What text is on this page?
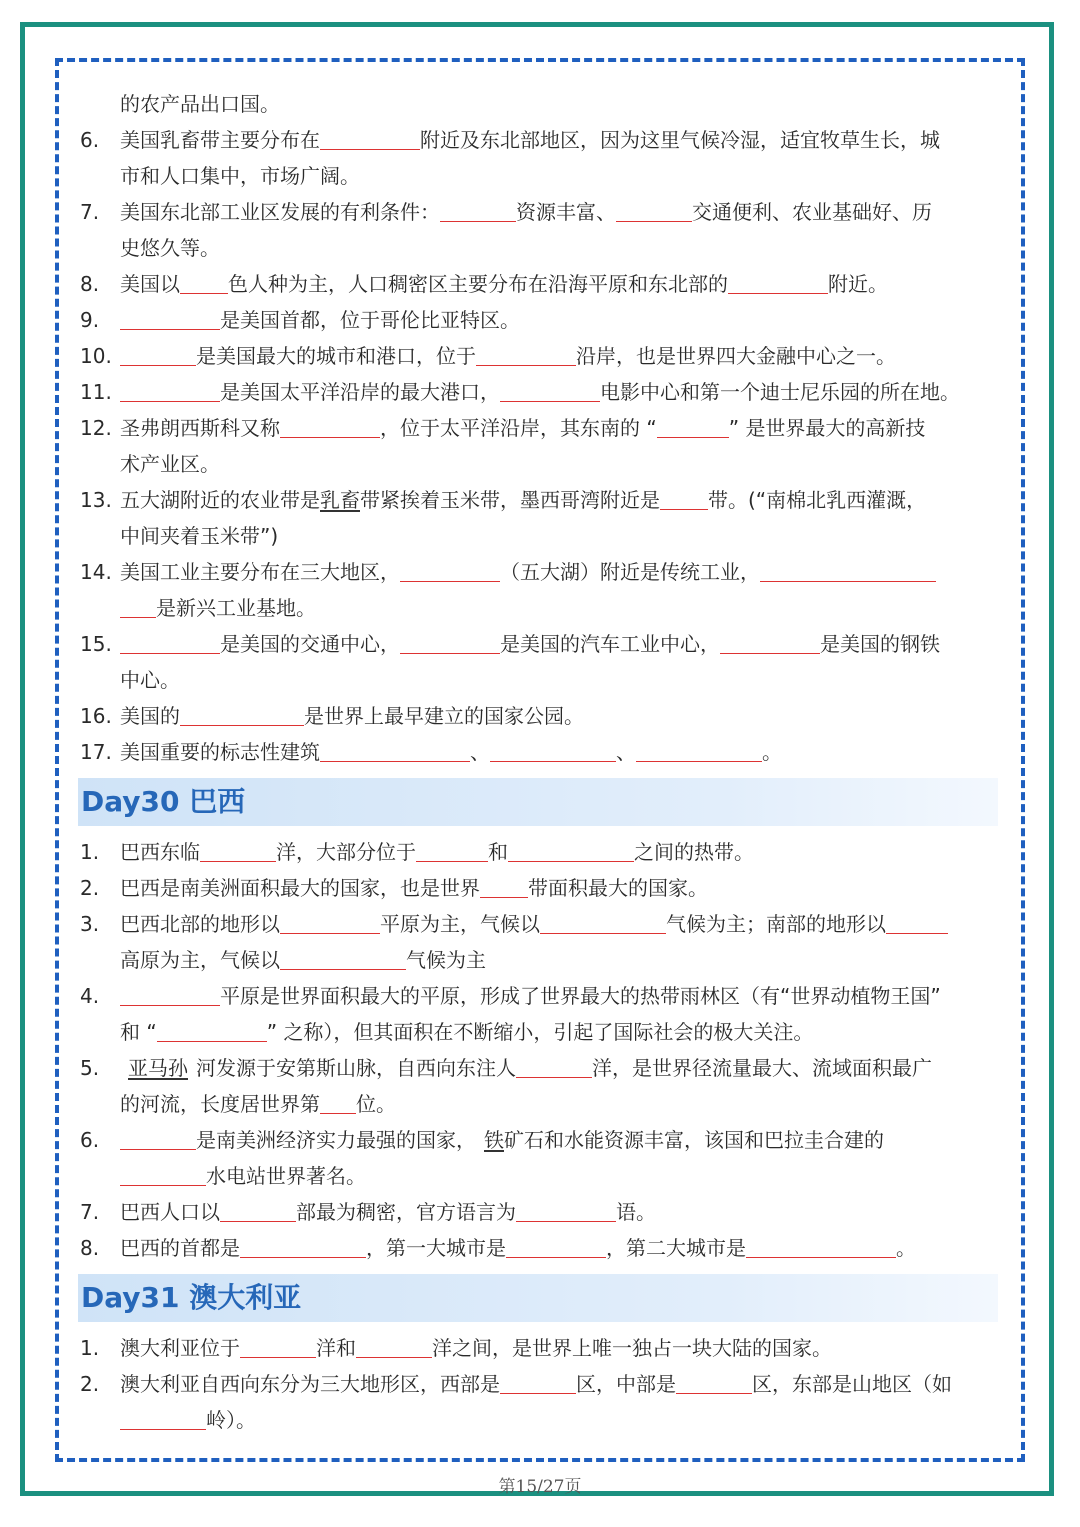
的农产品出口国。
6. 美国乳畜带主要分布在	附近及东北部地区，因为这里气候冷湿，适宜牧草生长，城
市和人口集中，市场广阔。
7. 美国东北部工业区发展的有利条件：	资源丰富、	交通便利、农业基础好、历
史悠久等。
8. 美国以 色人种为主，人口稠密区主要分布在沿海平原和东北部的	附近。
9.	是美国首都，位于哥伦比亚特区。
10.	是美国最大的城市和港口，位于	沿岸，也是世界四大金融中心之一。
11.	是美国太平洋沿岸的最大港口，	电影中心和第一个迪士尼乐园的所在地。
12. 圣弗朗西斯科又称	，位于太平洋沿岸，其东南的 “	” 是世界最大的高新技
术产业区。
13. 五大湖附近的农业带是乳畜带紧挨着玉米带，墨西哥湾附近是 带。(“南棉北乳西灌溉，
中间夹着玉米带”)
14. 美国工业主要分布在三大地区，	（五大湖）附近是传统工业，
是新兴工业基地。
15.	是美国的交通中心，	是美国的汽车工业中心，	是美国的钢铁
中心。
16. 美国的	是世界上最早建立的国家公园。
17. 美国重要的标志性建筑	、	、	。
Day30 巴西
1. 巴西东临	洋，大部分位于	和	之间的热带。
2. 巴西是南美洲面积最大的国家，也是世界 带面积最大的国家。
3. 巴西北部的地形以	平原为主，气候以	气候为主；南部的地形以
高原为主，气候以	气候为主
4.	平原是世界面积最大的平原，形成了世界最大的热带雨林区（有“世界动植物王国”
和 “	” 之称），但其面积在不断缩小，引起了国际社会的极大关注。
5. 亚马孙 河发源于安第斯山脉，自西向东注人	洋，是世界径流量最大、流域面积最广
的河流，长度居世界第 位。
6.	是南美洲经济实力最强的国家， 铁矿石和水能资源丰富，该国和巴拉圭合建的
水电站世界著名。
7. 巴西人口以	部最为稠密，官方语言为	语。
8. 巴西的首都是	，第一大城市是	，第二大城市是	。
Day31 澳大利亚
1. 澳大利亚位于	洋和	洋之间，是世界上唯一独占一块大陆的国家。
2. 澳大利亚自西向东分为三大地形区，西部是	区，中部是	区，东部是山地区（如
岭）。
第15/27页
